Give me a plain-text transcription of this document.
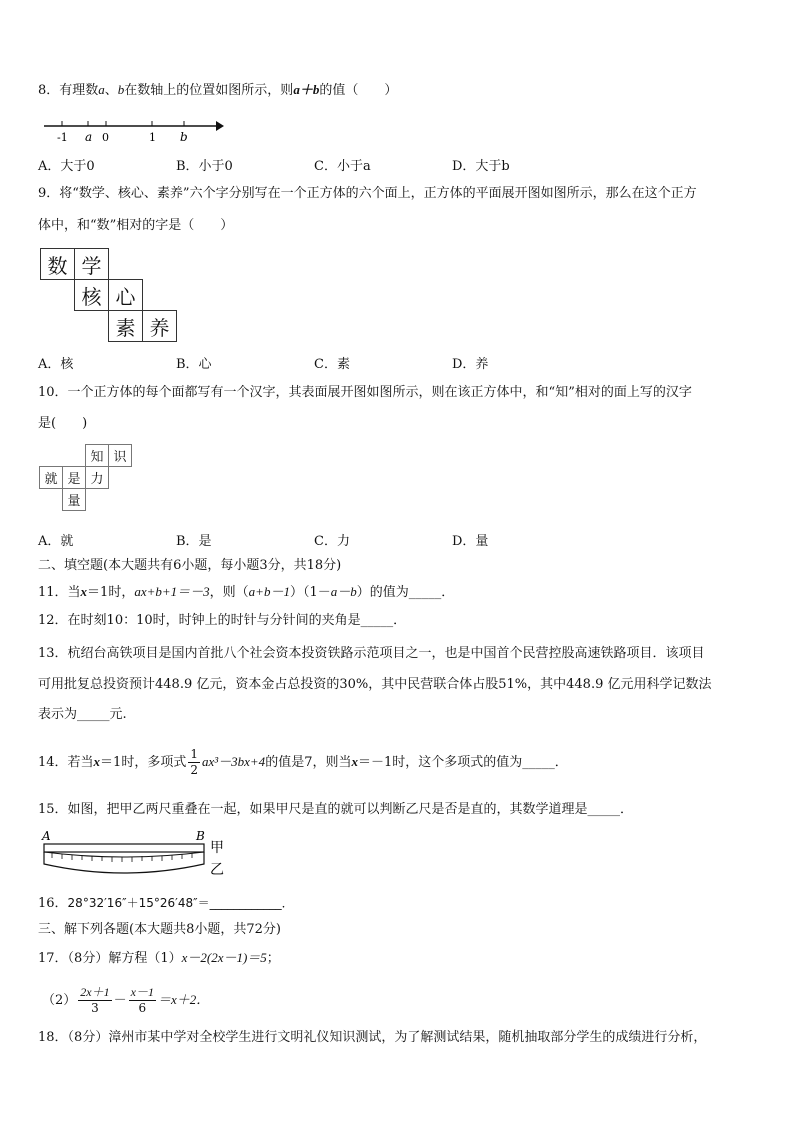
8．有理数a、b在数轴上的位置如图所示，则a＋b的值（　　）
-1 a 0	1 b
A．大于0	B．小于0	C．小于a	D．大于b
9．将“数学、核心、素养”六个字分别写在一个正方体的六个面上，正方体的平面展开图如图所示，那么在这个正方
体中，和“数”相对的字是（　　）
数	学		
	核	心	
		素	养
A．核	B．心	C．素	D．养
10．一个正方体的每个面都写有一个汉字，其表面展开图如图所示，则在该正方体中，和“知”相对的面上写的汉字
是(　　)
		知	识
就	是	力	
	量		
A．就	B．是	C．力	D．量
二、填空题(本大题共有6小题，每小题3分，共18分)
11．当x＝1时，ax+b+1＝－3，则（a+b－1）（1－a－b）的值为_____．
12．在时刻10：10时，时钟上的时针与分针间的夹角是_____．
13．杭绍台高铁项目是国内首批八个社会资本投资铁路示范项目之一，也是中国首个民营控股高速铁路项目．该项目
可用批复总投资预计448.9 亿元，资本金占总投资的30%，其中民营联合体占股51%，其中448.9 亿元用科学记数法
表示为_____元.
14．若当x＝1时，多项式 $\frac{1}{2} ax^3-3bx+4$的值是7，则当x＝－1时，这个多项式的值为_____．
15．如图，把甲乙两尺重叠在一起，如果甲尺是直的就可以判断乙尺是否是直的，其数学道理是_____．
A	B
甲
乙
16．28°32′16″＋15°26′48″＝____________．
三、解下列各题(本大题共8小题，共72分)
17．（8分）解方程（1）x－2(2x－1)＝5；
$(2) \frac{2x+1}{3} - \frac{x-1}{6} =x+2$．
18．（8分）漳州市某中学对全校学生进行文明礼仪知识测试，为了解测试结果，随机抽取部分学生的成绩进行分析，
